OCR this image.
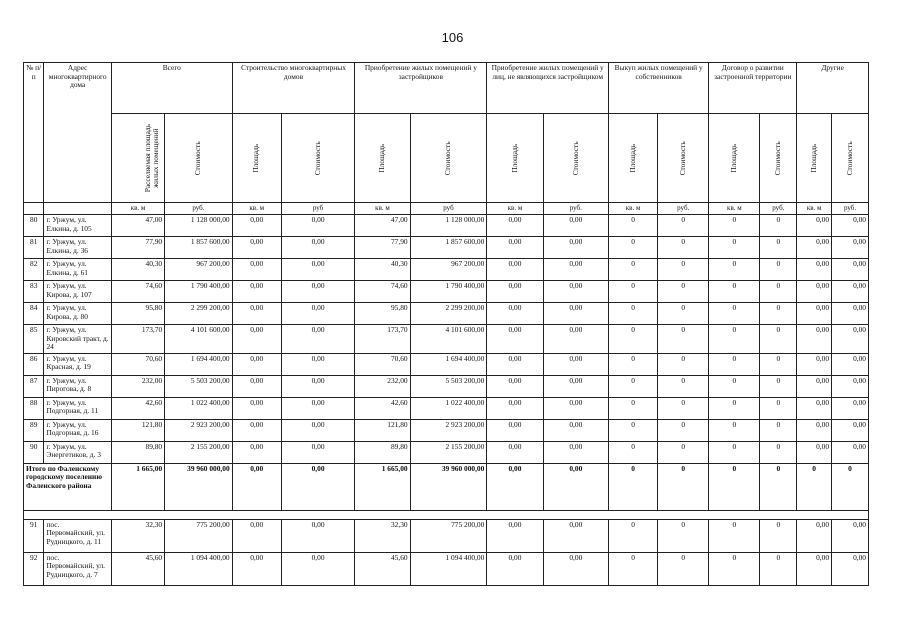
106
№ п/п	Адрес многоквартирного дома	Всего		Строительство многоквартирных домов		Приобретение жилых помещений у застройщиков		Приобретение жилых помещений у лиц, не являющихся застройщиком		Выкуп жилых помещений у собственников		Договор о развитии застроенной территории		Другие	
		Расселяемая площадь жилых помещений	Стоимость	Площадь	Стоимость	Площадь	Стоимость	Площадь	Стоимость	Площадь	Стоимость	Площадь	Стоимость	Площадь	Стоимость
		кв. м	руб.	кв. м	руб	кв. м	руб	кв. м	руб.	кв. м	руб.	кв. м	руб.	кв. м	руб.
80	г. Уржум, ул. Елкина, д. 105	47,00	1 128 000,00	0,00	0,00	47,00	1 128 000,00	0,00	0,00	0	0	0	0	0,00	0,00
81	г. Уржум, ул. Елкина, д. 36	77,90	1 857 600,00	0,00	0,00	77,90	1 857 600,00	0,00	0,00	0	0	0	0	0,00	0,00
82	г. Уржум, ул. Елкина, д. 61	40,30	967 200,00	0,00	0,00	40,30	967 200,00	0,00	0,00	0	0	0	0	0,00	0,00
83	г. Уржум, ул. Кирова, д. 107	74,60	1 790 400,00	0,00	0,00	74,60	1 790 400,00	0,00	0,00	0	0	0	0	0,00	0,00
84	г. Уржум, ул. Кирова, д. 80	95,80	2 299 200,00	0,00	0,00	95,80	2 299 200,00	0,00	0,00	0	0	0	0	0,00	0,00
85	г. Уржум, ул. Кировский тракт, д. 24	173,70	4 101 600,00	0,00	0,00	173,70	4 101 600,00	0,00	0,00	0	0	0	0	0,00	0,00
86	г. Уржум, ул. Красная, д. 19	70,60	1 694 400,00	0,00	0,00	70,60	1 694 400,00	0,00	0,00	0	0	0	0	0,00	0,00
87	г. Уржум, ул. Пирогова, д. 8	232,00	5 503 200,00	0,00	0,00	232,00	5 503 200,00	0,00	0,00	0	0	0	0	0,00	0,00
88	г. Уржум, ул. Подгорная, д. 11	42,60	1 022 400,00	0,00	0,00	42,60	1 022 400,00	0,00	0,00	0	0	0	0	0,00	0,00
89	г. Уржум, ул. Подгорная, д. 16	121,80	2 923 200,00	0,00	0,00	121,80	2 923 200,00	0,00	0,00	0	0	0	0	0,00	0,00
90	г. Уржум, ул. Энергетиков, д. 3	89,80	2 155 200,00	0,00	0,00	89,80	2 155 200,00	0,00	0,00	0	0	0	0	0,00	0,00
Итого по Фаленскому городскому поселению Фаленского района		1 665,00	39 960 000,00	0,00	0,00	1 665,00	39 960 000,00	0,00	0,00	0	0	0	0	0	0

91	пос. Первомайский, ул. Рудницкого, д. 11	32,30	775 200,00	0,00	0,00	32,30	775 200,00	0,00	0,00	0	0	0	0	0,00	0,00
92	пос. Первомайский, ул. Рудницкого, д. 7	45,60	1 094 400,00	0,00	0,00	45,60	1 094 400,00	0,00	0,00	0	0	0	0	0,00	0,00
